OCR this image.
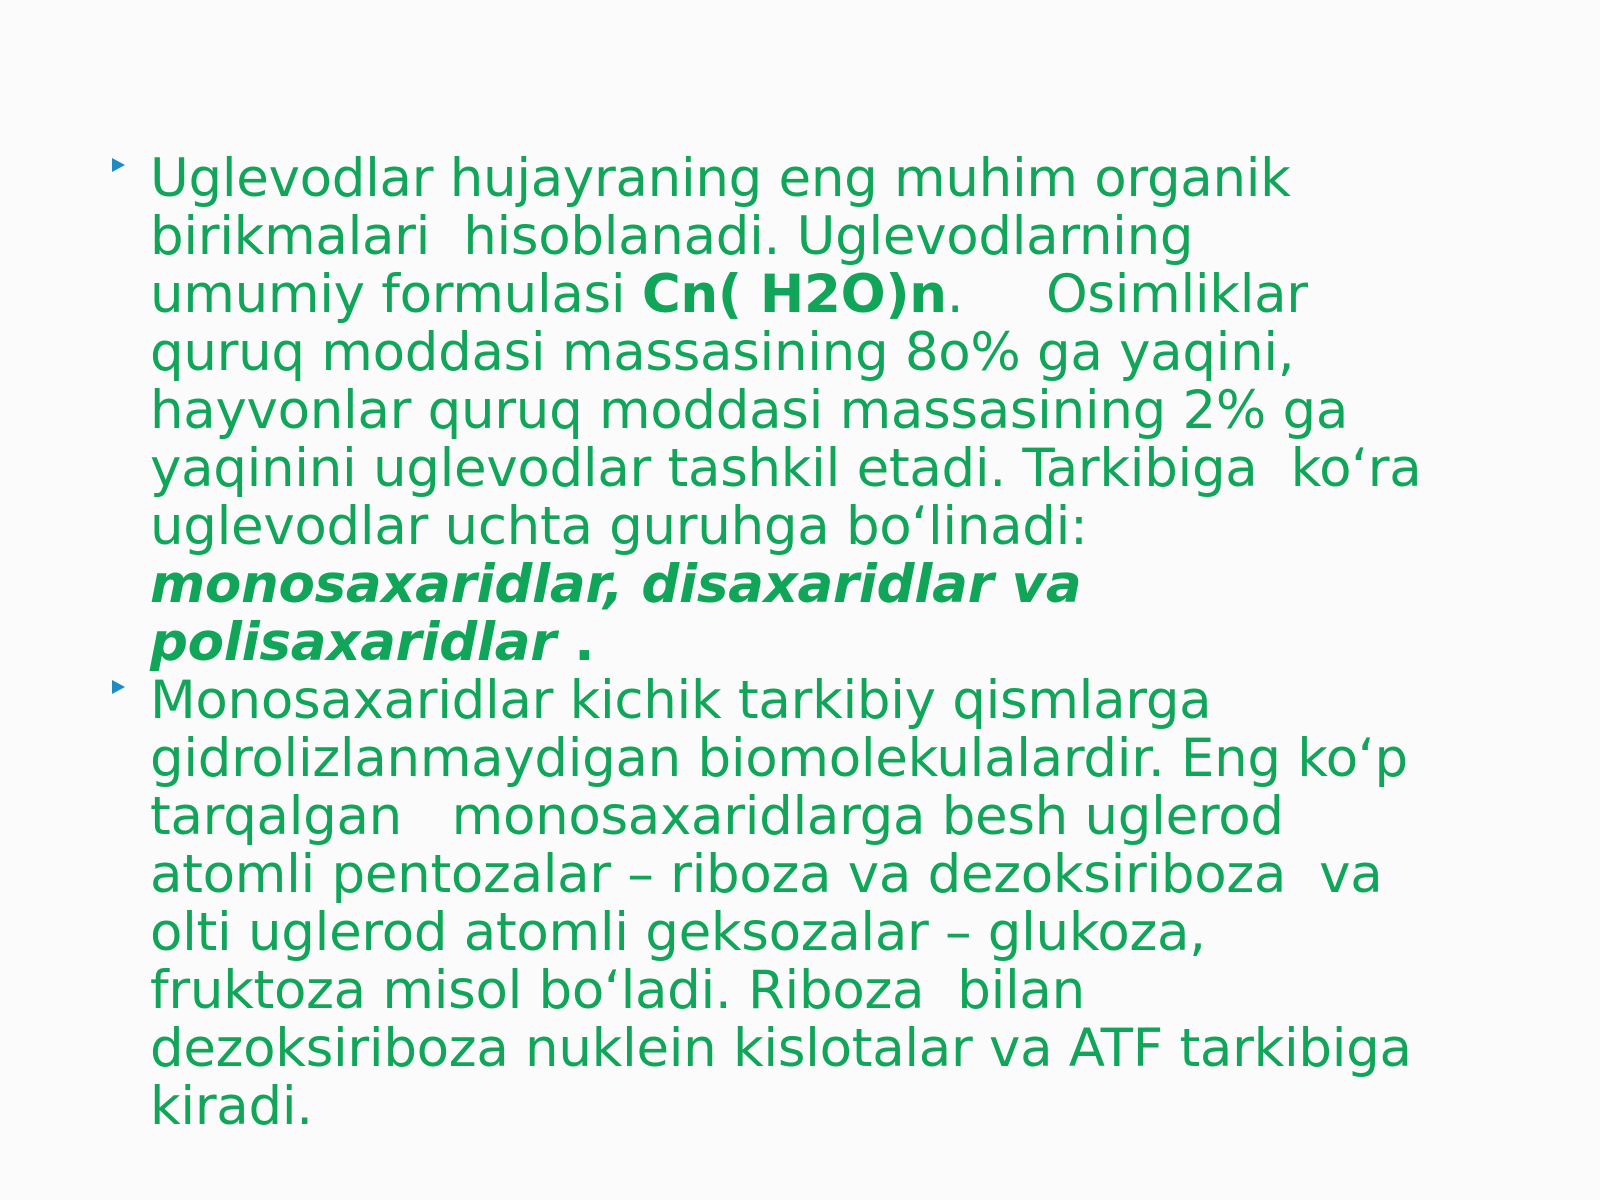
Uglevodlar hujayraning eng muhim organik
birikmalari  hisoblanadi. Uglevodlarning
umumiy formulasi Cn( H2O)n.     Osimliklar
quruq moddasi massasining 8o% ga yaqini,
hayvonlar quruq moddasi massasining 2% ga
yaqinini uglevodlar tashkil etadi. Tarkibiga  ko‘ra
uglevodlar uchta guruhga bo‘linadi:
monosaxaridlar, disaxaridlar va
polisaxaridlar .
Monosaxaridlar kichik tarkibiy qismlarga
gidrolizlanmaydigan biomolekulalardir. Eng ko‘p
tarqalgan   monosaxaridlarga besh uglerod
atomli pentozalar – riboza va dezoksiriboza  va
olti uglerod atomli geksozalar – glukoza,
fruktoza misol bo‘ladi. Riboza  bilan
dezoksiriboza nuklein kislotalar va ATF tarkibiga
kiradi.
